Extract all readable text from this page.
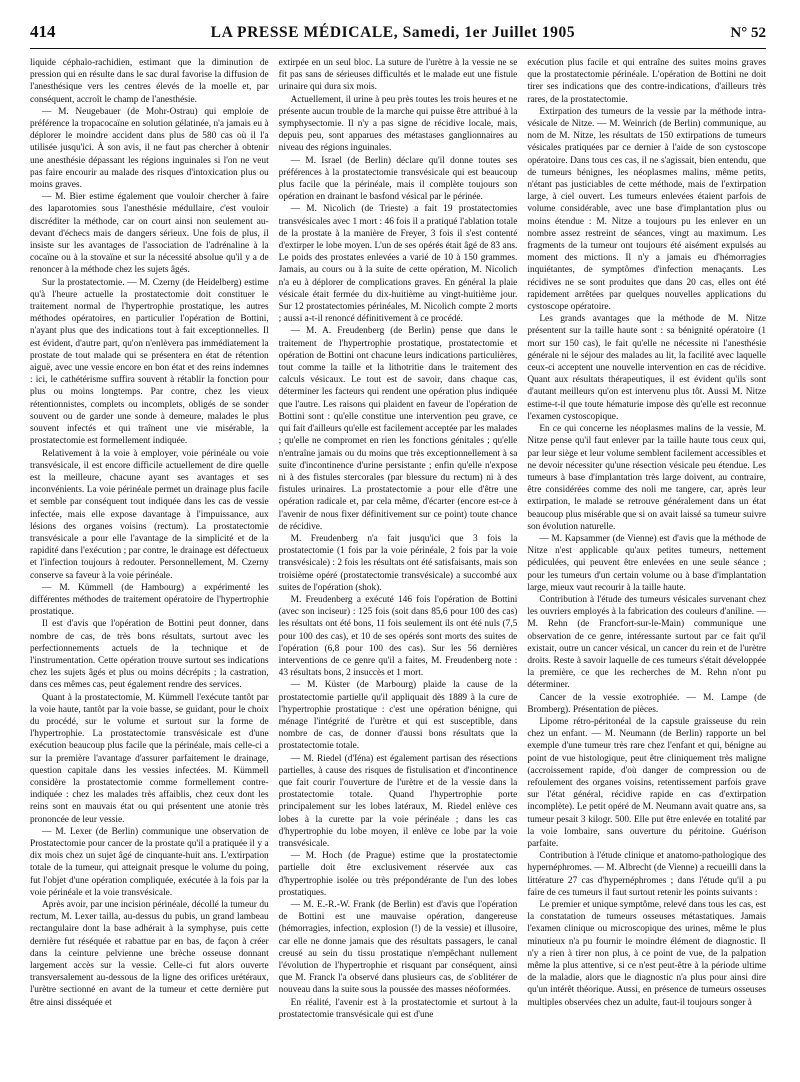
414	LA PRESSE MÉDICALE, Samedi, 1er Juillet 1905	N° 52

liquide céphalo-rachidien, estimant que la diminution de pression qui en résulte dans le sac dural favorise la diffusion de l'anesthésique vers les centres élevés de la moelle et, par conséquent, accroît le champ de l'anesthésie.

— M. Neugebauer (de Mohr-Ostrau) qui emploie de préférence la tropacocaïne en solution gélatinée, n'a jamais eu à déplorer le moindre accident dans plus de 580 cas où il l'a utilisée jusqu'ici. À son avis, il ne faut pas chercher à obtenir une anesthésie dépassant les régions inguinales si l'on ne veut pas faire encourir au malade des risques d'intoxication plus ou moins graves.

— M. Bier estime également que vouloir chercher à faire des laparotomies sous l'anesthésie médullaire, c'est vouloir discréditer la méthode, car on court ainsi non seulement au-devant d'échecs mais de dangers sérieux. Une fois de plus, il insiste sur les avantages de l'association de l'adrénaline à la cocaïne ou à la stovaïne et sur la nécessité absolue qu'il y a de renoncer à la méthode chez les sujets âgés.

Sur la prostatectomie. — M. Czerny (de Heidelberg) estime qu'à l'heure actuelle la prostatectomie doit constituer le traitement normal de l'hypertrophie prostatique, les autres méthodes opératoires, en particulier l'opération de Bottini, n'ayant plus que des indications tout à fait exceptionnelles. Il est évident, d'autre part, qu'on n'enlèvera pas immédiatement la prostate de tout malade qui se présentera en état de rétention aiguë, avec une vessie encore en bon état et des reins indemnes : ici, le cathétérisme suffira souvent à rétablir la fonction pour plus ou moins longtemps. Par contre, chez les vieux rétentionnistes, complets ou incomplets, obligés de se sonder souvent ou de garder une sonde à demeure, malades le plus souvent infectés et qui traînent une vie misérable, la prostatectomie est formellement indiquée.

Relativement à la voie à employer, voie périnéale ou voie transvésicale, il est encore difficile actuellement de dire quelle est la meilleure, chacune ayant ses avantages et ses inconvénients. La voie périnéale permet un drainage plus facile et semble par conséquent tout indiquée dans les cas de vessie infectée, mais elle expose davantage à l'impuissance, aux lésions des organes voisins (rectum). La prostatectomie transvésicale a pour elle l'avantage de la simplicité et de la rapidité dans l'exécution ; par contre, le drainage est défectueux et l'infection toujours à redouter. Personnellement, M. Czerny conserve sa faveur à la voie périnéale.

— M. Kümmell (de Hambourg) a expérimenté les différentes méthodes de traitement opératoire de l'hypertrophie prostatique.

Il est d'avis que l'opération de Bottini peut donner, dans nombre de cas, de très bons résultats, surtout avec les perfectionnements actuels de la technique et de l'instrumentation. Cette opération trouve surtout ses indications chez les sujets âgés et plus ou moins décrépits ; la castration, dans ces mêmes cas, peut également rendre des services.

Quant à la prostatectomie, M. Kümmell l'exécute tantôt par la voie haute, tantôt par la voie basse, se guidant, pour le choix du procédé, sur le volume et surtout sur la forme de l'hypertrophie. La prostatectomie transvésicale est d'une exécution beaucoup plus facile que la périnéale, mais celle-ci a sur la première l'avantage d'assurer parfaitement le drainage, question capitale dans les vessies infectées. M. Kümmell considère la prostatectomie comme formellement contre-indiquée : chez les malades très affaiblis, chez ceux dont les reins sont en mauvais état ou qui présentent une atonie très prononcée de leur vessie.

— M. Lexer (de Berlin) communique une observation de Prostatectomie pour cancer de la prostate qu'il a pratiquée il y a dix mois chez un sujet âgé de cinquante-huit ans. L'extirpation totale de la tumeur, qui atteignait presque le volume du poing, fut l'objet d'une opération compliquée, exécutée à la fois par la voie périnéale et la voie transvésicale.

Après avoir, par une incision périnéale, décollé la tumeur du rectum, M. Lexer tailla, au-dessus du pubis, un grand lambeau rectangulaire dont la base adhérait à la symphyse, puis cette dernière fut réséquée et rabattue par en bas, de façon à créer dans la ceinture pelvienne une brèche osseuse donnant largement accès sur la vessie. Celle-ci fut alors ouverte transversalement au-dessous de la ligne des orifices urétéraux, l'urètre sectionné en avant de la tumeur et cette dernière put être ainsi disséquée et

extirpée en un seul bloc. La suture de l'urètre à la vessie ne se fit pas sans de sérieuses difficultés et le malade eut une fistule urinaire qui dura six mois.

Actuellement, il urine à peu près toutes les trois heures et ne présente aucun trouble de la marche qui puisse être attribué à la symphysectomie. Il n'y a pas signe de récidive locale, mais, depuis peu, sont apparues des métastases ganglionnaires au niveau des régions inguinales.

— M. Israel (de Berlin) déclare qu'il donne toutes ses préférences à la prostatectomie transvésicale qui est beaucoup plus facile que la périnéale, mais il complète toujours son opération en drainant le basfond vésical par le périnée.

— M. Nicolich (de Trieste) a fait 19 prostatectomies transvésicales avec 1 mort : 46 fois il a pratiqué l'ablation totale de la prostate à la manière de Freyer, 3 fois il s'est contenté d'extirper le lobe moyen. L'un de ses opérés était âgé de 83 ans. Le poids des prostates enlevées a varié de 10 à 150 grammes. Jamais, au cours ou à la suite de cette opération, M. Nicolich n'a eu à déplorer de complications graves. En général la plaie vésicale était fermée du dix-huitième au vingt-huitième jour. Sur 12 prostatectomies périnéales, M. Nicolich compte 2 morts ; aussi a-t-il renoncé définitivement à ce procédé.

— M. A. Freudenberg (de Berlin) pense que dans le traitement de l'hypertrophie prostatique, prostatectomie et opération de Bottini ont chacune leurs indications particulières, tout comme la taille et la lithotritie dans le traitement des calculs vésicaux. Le tout est de savoir, dans chaque cas, déterminer les facteurs qui rendent une opération plus indiquée que l'autre. Les raisons qui plaident en faveur de l'opération de Bottini sont : qu'elle constitue une intervention peu grave, ce qui fait d'ailleurs qu'elle est facilement acceptée par les malades ; qu'elle ne compromet en rien les fonctions génitales ; qu'elle n'entraîne jamais ou du moins que très exceptionnellement à sa suite d'incontinence d'urine persistante ; enfin qu'elle n'expose ni à des fistules stercorales (par blessure du rectum) ni à des fistules urinaires. La prostatectomie a pour elle d'être une opération radicale et, par cela même, d'écarter (encore est-ce à l'avenir de nous fixer définitivement sur ce point) toute chance de récidive.

M. Freudenberg n'a fait jusqu'ici que 3 fois la prostatectomie (1 fois par la voie périnéale, 2 fois par la voie transvésicale) : 2 fois les résultats ont été satisfaisants, mais son troisième opéré (prostatectomie transvésicale) a succombé aux suites de l'opération (shok).

M. Freudenberg a exécuté 146 fois l'opération de Bottini (avec son inciseur) : 125 fois (soit dans 85,6 pour 100 des cas) les résultats ont été bons, 11 fois seulement ils ont été nuls (7,5 pour 100 des cas), et 10 de ses opérés sont morts des suites de l'opération (6,8 pour 100 des cas). Sur les 56 dernières interventions de ce genre qu'il a faites, M. Freudenberg note : 43 résultats bons, 2 insuccès et 1 mort.

— M. Küster (de Marbourg) plaide la cause de la prostatectomie partielle qu'il appliquait dès 1889 à la cure de l'hypertrophie prostatique : c'est une opération bénigne, qui ménage l'intégrité de l'urètre et qui est susceptible, dans nombre de cas, de donner d'aussi bons résultats que la prostatectomie totale.

— M. Riedel (d'Iéna) est également partisan des résections partielles, à cause des risques de fistulisation et d'incontinence que fait courir l'ouverture de l'urètre et de la vessie dans la prostatectomie totale. Quand l'hypertrophie porte principalement sur les lobes latéraux, M. Riedel enlève ces lobes à la curette par la voie périnéale ; dans les cas d'hypertrophie du lobe moyen, il enlève ce lobe par la voie transvésicale.

— M. Hoch (de Prague) estime que la prostatectomie partielle doit être exclusivement réservée aux cas d'hypertrophie isolée ou très prépondérante de l'un des lobes prostatiques.

— M. E.-R.-W. Frank (de Berlin) est d'avis que l'opération de Bottini est une mauvaise opération, dangereuse (hémorragies, infection, explosion (!) de la vessie) et illusoire, car elle ne donne jamais que des résultats passagers, le canal creusé au sein du tissu prostatique n'empêchant nullement l'évolution de l'hypertrophie et risquant par conséquent, ainsi que M. Franck l'a observé dans plusieurs cas, de s'oblitérer de nouveau dans la suite sous la poussée des masses néoformées.

En réalité, l'avenir est à la prostatectomie et surtout à la prostatectomie transvésicale qui est d'une

exécution plus facile et qui entraîne des suites moins graves que la prostatectomie périnéale. L'opération de Bottini ne doit tirer ses indications que des contre-indications, d'ailleurs très rares, de la prostatectomie.

Extirpation des tumeurs de la vessie par la méthode intra-vésicale de Nitze. — M. Weinrich (de Berlin) communique, au nom de M. Nitze, les résultats de 150 extirpations de tumeurs vésicales pratiquées par ce dernier à l'aide de son cystoscope opératoire. Dans tous ces cas, il ne s'agissait, bien entendu, que de tumeurs bénignes, les néoplasmes malins, même petits, n'étant pas justiciables de cette méthode, mais de l'extirpation large, à ciel ouvert. Les tumeurs enlevées étaient parfois de volume considérable, avec une base d'implantation plus ou moins étendue : M. Nitze a toujours pu les enlever en un nombre assez restreint de séances, vingt au maximum. Les fragments de la tumeur ont toujours été aisément expulsés au moment des mictions. Il n'y a jamais eu d'hémorragies inquiétantes, de symptômes d'infection menaçants. Les récidives ne se sont produites que dans 20 cas, elles ont été rapidement arrêtées par quelques nouvelles applications du cystoscope opératoire.

Les grands avantages que la méthode de M. Nitze présentent sur la taille haute sont : sa bénignité opératoire (1 mort sur 150 cas), le fait qu'elle ne nécessite ni l'anesthésie générale ni le séjour des malades au lit, la facilité avec laquelle ceux-ci acceptent une nouvelle intervention en cas de récidive. Quant aux résultats thérapeutiques, il est évident qu'ils sont d'autant meilleurs qu'on est intervenu plus tôt. Aussi M. Nitze estime-t-il que toute hématurie impose dès qu'elle est reconnue l'examen cystoscopique.

En ce qui concerne les néoplasmes malins de la vessie, M. Nitze pense qu'il faut enlever par la taille haute tous ceux qui, par leur siège et leur volume semblent facilement accessibles et ne devoir nécessiter qu'une résection vésicale peu étendue. Les tumeurs à base d'implantation très large doivent, au contraire, être considérées comme des noli me tangere, car, après leur extirpation, le malade se retrouve généralement dans un état beaucoup plus misérable que si on avait laissé sa tumeur suivre son évolution naturelle.

— M. Kapsammer (de Vienne) est d'avis que la méthode de Nitze n'est applicable qu'aux petites tumeurs, nettement pédiculées, qui peuvent être enlevées en une seule séance ; pour les tumeurs d'un certain volume ou à base d'implantation large, mieux vaut recourir à la taille haute.

Contribution à l'étude des tumeurs vésicales survenant chez les ouvriers employés à la fabrication des couleurs d'aniline. — M. Rehn (de Francfort-sur-le-Main) communique une observation de ce genre, intéressante surtout par ce fait qu'il existait, outre un cancer vésical, un cancer du rein et de l'urètre droits. Reste à savoir laquelle de ces tumeurs s'était développée la première, ce que les recherches de M. Rehn n'ont pu déterminer.

Cancer de la vessie exotrophiée. — M. Lampe (de Bromberg). Présentation de pièces.

Lipome rétro-péritonéal de la capsule graisseuse du rein chez un enfant. — M. Neumann (de Berlin) rapporte un bel exemple d'une tumeur très rare chez l'enfant et qui, bénigne au point de vue histologique, peut être cliniquement très maligne (accroissement rapide, d'où danger de compression ou de refoulement des organes voisins, retentissement parfois grave sur l'état général, récidive rapide en cas d'extirpation incomplète). Le petit opéré de M. Neumann avait quatre ans, sa tumeur pesait 3 kilogr. 500. Elle put être enlevée en totalité par la voie lombaire, sans ouverture du péritoine. Guérison parfaite.

Contribution à l'étude clinique et anatomo-pathologique des hypernéphromes. — M. Albrecht (de Vienne) a recueilli dans la littérature 27 cas d'hypernéphromes ; dans l'étude qu'il a pu faire de ces tumeurs il faut surtout retenir les points suivants :

Le premier et unique symptôme, relevé dans tous les cas, est la constatation de tumeurs osseuses métastatiques. Jamais l'examen clinique ou microscopique des urines, même le plus minutieux n'a pu fournir le moindre élément de diagnostic. Il n'y a rien à tirer non plus, à ce point de vue, de la palpation même la plus attentive, si ce n'est peut-être à la période ultime de la maladie, alors que le diagnostic n'a plus pour ainsi dire qu'un intérêt théorique. Aussi, en présence de tumeurs osseuses multiples observées chez un adulte, faut-il toujours songer à
